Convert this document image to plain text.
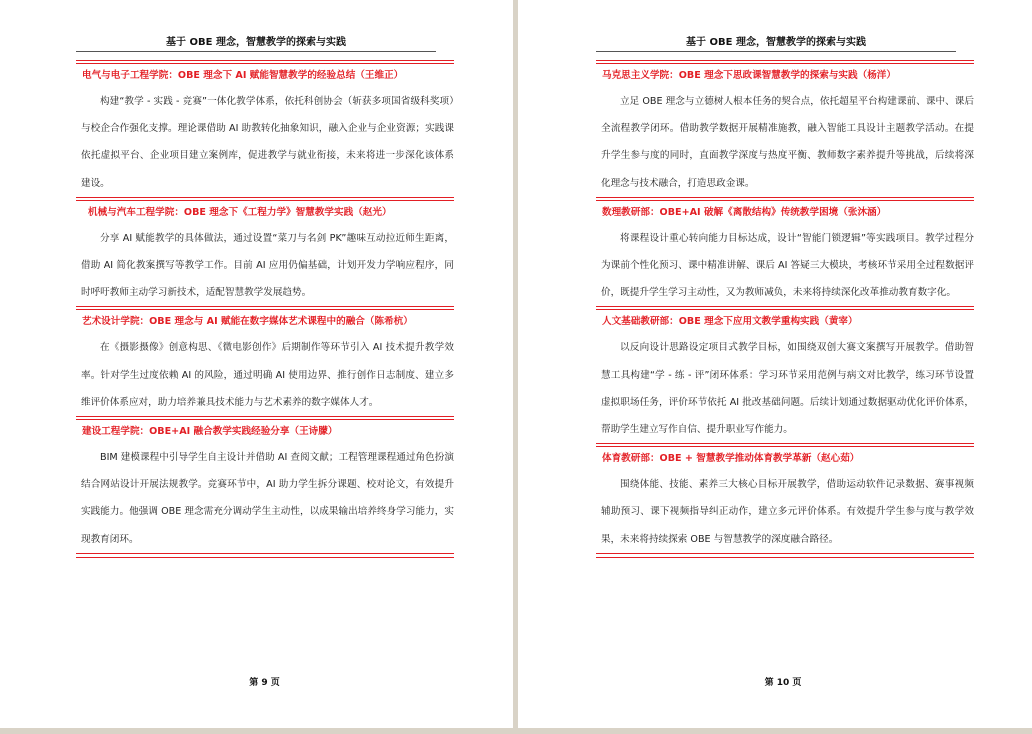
基于 OBE 理念，智慧教学的探索与实践
电气与电子工程学院：OBE 理念下 AI 赋能智慧教学的经验总结（王维正）

构建“教学 - 实践 - 竞赛”一体化教学体系，依托科创协会（斩获多项国省级科奖项）与校企合作强化支撑。理论课借助 AI 助教转化抽象知识，融入企业与企业资源；实践课依托虚拟平台、企业项目建立案例库，促进教学与就业衔接，未来将进一步深化该体系建设。

机械与汽车工程学院：OBE 理念下《工程力学》智慧教学实践（赵光）

分享 AI 赋能教学的具体做法，通过设置“菜刀与名剑 PK”趣味互动拉近师生距离，借助 AI 简化教案撰写等教学工作。目前 AI 应用仍偏基础，计划开发力学响应程序，同时呼吁教师主动学习新技术，适配智慧教学发展趋势。

艺术设计学院：OBE 理念与 AI 赋能在数字媒体艺术课程中的融合（陈希杭）

在《摄影摄像》创意构思、《微电影创作》后期制作等环节引入 AI 技术提升教学效率。针对学生过度依赖 AI 的风险，通过明确 AI 使用边界、推行创作日志制度、建立多维评价体系应对，助力培养兼具技术能力与艺术素养的数字媒体人才。

建设工程学院：OBE+AI 融合教学实践经验分享（王诗朦）

BIM 建模课程中引导学生自主设计并借助 AI 查阅文献；工程管理课程通过角色扮演结合网站设计开展法规教学。竞赛环节中，AI 助力学生拆分课题、校对论文，有效提升实践能力。他强调 OBE 理念需充分调动学生主动性，以成果输出培养终身学习能力，实现教育闭环。

第 9 页
基于 OBE 理念，智慧教学的探索与实践
马克思主义学院：OBE 理念下思政课智慧教学的探索与实践（杨洋）

立足 OBE 理念与立德树人根本任务的契合点，依托超星平台构建课前、课中、课后全流程教学闭环。借助教学数据开展精准施教，融入智能工具设计主题教学活动。在提升学生参与度的同时，直面教学深度与热度平衡、教师数字素养提升等挑战，后续将深化理念与技术融合，打造思政金课。

数理教研部：OBE+AI 破解《离散结构》传统教学困境（张沐涵）

将课程设计重心转向能力目标达成，设计“智能门锁逻辑”等实践项目。教学过程分为课前个性化预习、课中精准讲解、课后 AI 答疑三大模块，考核环节采用全过程数据评价，既提升学生学习主动性，又为教师减负，未来将持续深化改革推动教育数字化。

人文基础教研部：OBE 理念下应用文教学重构实践（黄宰）

以反向设计思路设定项目式教学目标，如围绕双创大赛文案撰写开展教学。借助智慧工具构建“学 - 练 - 评”闭环体系：学习环节采用范例与病文对比教学，练习环节设置虚拟职场任务，评价环节依托 AI 批改基础问题。后续计划通过数据驱动优化评价体系，帮助学生建立写作自信、提升职业写作能力。

体育教研部：OBE + 智慧教学推动体育教学革新（赵心茹）

围绕体能、技能、素养三大核心目标开展教学，借助运动软件记录数据、赛事视频辅助预习、课下视频指导纠正动作，建立多元评价体系。有效提升学生参与度与教学效果，未来将持续探索 OBE 与智慧教学的深度融合路径。

第 10 页
